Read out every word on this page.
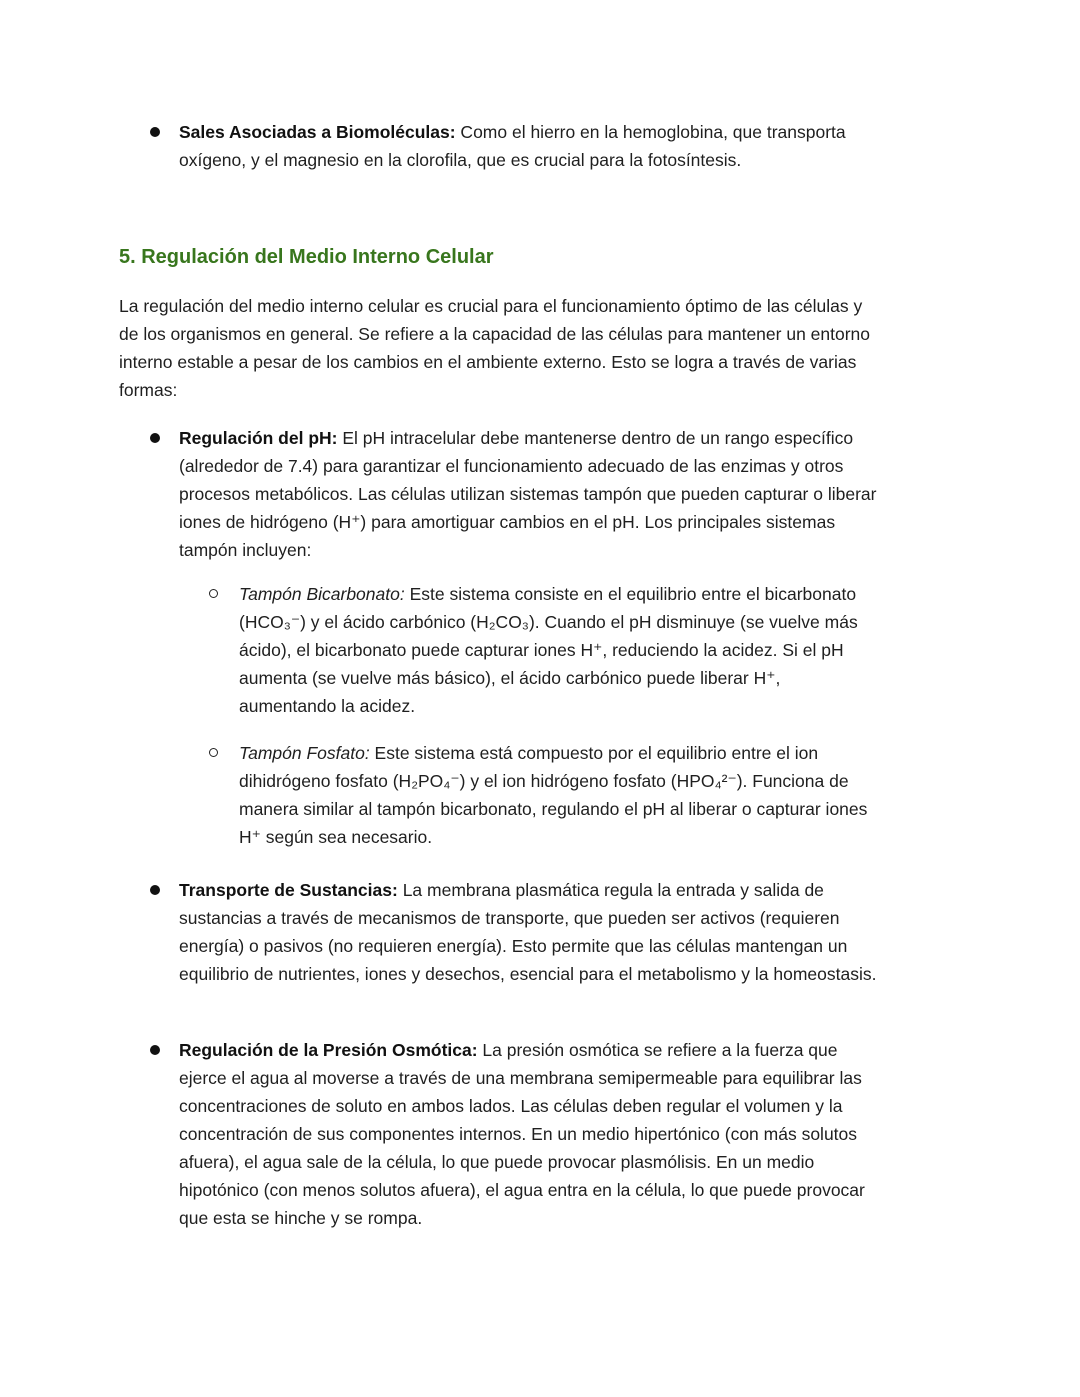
Sales Asociadas a Biomoléculas: Como el hierro en la hemoglobina, que transporta oxígeno, y el magnesio en la clorofila, que es crucial para la fotosíntesis.
5. Regulación del Medio Interno Celular
La regulación del medio interno celular es crucial para el funcionamiento óptimo de las células y de los organismos en general. Se refiere a la capacidad de las células para mantener un entorno interno estable a pesar de los cambios en el ambiente externo. Esto se logra a través de varias formas:
Regulación del pH: El pH intracelular debe mantenerse dentro de un rango específico (alrededor de 7.4) para garantizar el funcionamiento adecuado de las enzimas y otros procesos metabólicos. Las células utilizan sistemas tampón que pueden capturar o liberar iones de hidrógeno (H⁺) para amortiguar cambios en el pH. Los principales sistemas tampón incluyen:
Tampón Bicarbonato: Este sistema consiste en el equilibrio entre el bicarbonato (HCO₃⁻) y el ácido carbónico (H₂CO₃). Cuando el pH disminuye (se vuelve más ácido), el bicarbonato puede capturar iones H⁺, reduciendo la acidez. Si el pH aumenta (se vuelve más básico), el ácido carbónico puede liberar H⁺, aumentando la acidez.
Tampón Fosfato: Este sistema está compuesto por el equilibrio entre el ion dihidrógeno fosfato (H₂PO₄⁻) y el ion hidrógeno fosfato (HPO₄²⁻). Funciona de manera similar al tampón bicarbonato, regulando el pH al liberar o capturar iones H⁺ según sea necesario.
Transporte de Sustancias: La membrana plasmática regula la entrada y salida de sustancias a través de mecanismos de transporte, que pueden ser activos (requieren energía) o pasivos (no requieren energía). Esto permite que las células mantengan un equilibrio de nutrientes, iones y desechos, esencial para el metabolismo y la homeostasis.
Regulación de la Presión Osmótica: La presión osmótica se refiere a la fuerza que ejerce el agua al moverse a través de una membrana semipermeable para equilibrar las concentraciones de soluto en ambos lados. Las células deben regular el volumen y la concentración de sus componentes internos. En un medio hipertónico (con más solutos afuera), el agua sale de la célula, lo que puede provocar plasmólisis. En un medio hipotónico (con menos solutos afuera), el agua entra en la célula, lo que puede provocar que esta se hinche y se rompa.
